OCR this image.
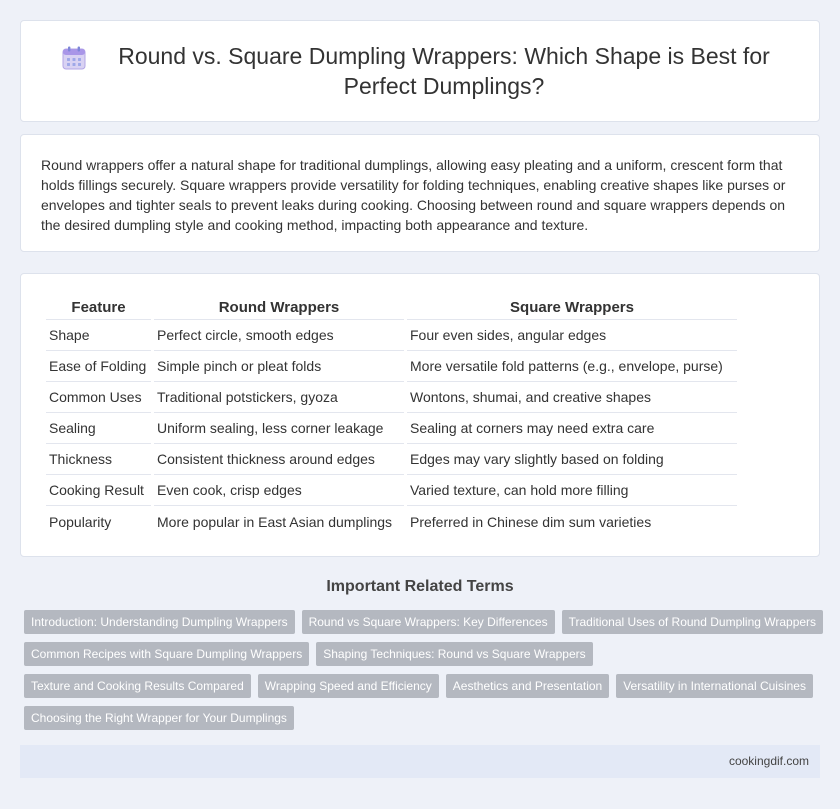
Round vs. Square Dumpling Wrappers: Which Shape is Best for Perfect Dumplings?

Round wrappers offer a natural shape for traditional dumplings, allowing easy pleating and a uniform, crescent form that holds fillings securely. Square wrappers provide versatility for folding techniques, enabling creative shapes like purses or envelopes and tighter seals to prevent leaks during cooking. Choosing between round and square wrappers depends on the desired dumpling style and cooking method, impacting both appearance and texture.

Feature	Round Wrappers	Square Wrappers
Shape	Perfect circle, smooth edges	Four even sides, angular edges
Ease of Folding	Simple pinch or pleat folds	More versatile fold patterns (e.g., envelope, purse)
Common Uses	Traditional potstickers, gyoza	Wontons, shumai, and creative shapes
Sealing	Uniform sealing, less corner leakage	Sealing at corners may need extra care
Thickness	Consistent thickness around edges	Edges may vary slightly based on folding
Cooking Result	Even cook, crisp edges	Varied texture, can hold more filling
Popularity	More popular in East Asian dumplings	Preferred in Chinese dim sum varieties
Important Related Terms
Introduction: Understanding Dumpling Wrappers	Round vs Square Wrappers: Key Differences	Traditional Uses of Round Dumpling Wrappers
Common Recipes with Square Dumpling Wrappers	Shaping Techniques: Round vs Square Wrappers
Texture and Cooking Results Compared	Wrapping Speed and Efficiency	Aesthetics and Presentation	Versatility in International Cuisines
Choosing the Right Wrapper for Your Dumplings
cookingdif.com
